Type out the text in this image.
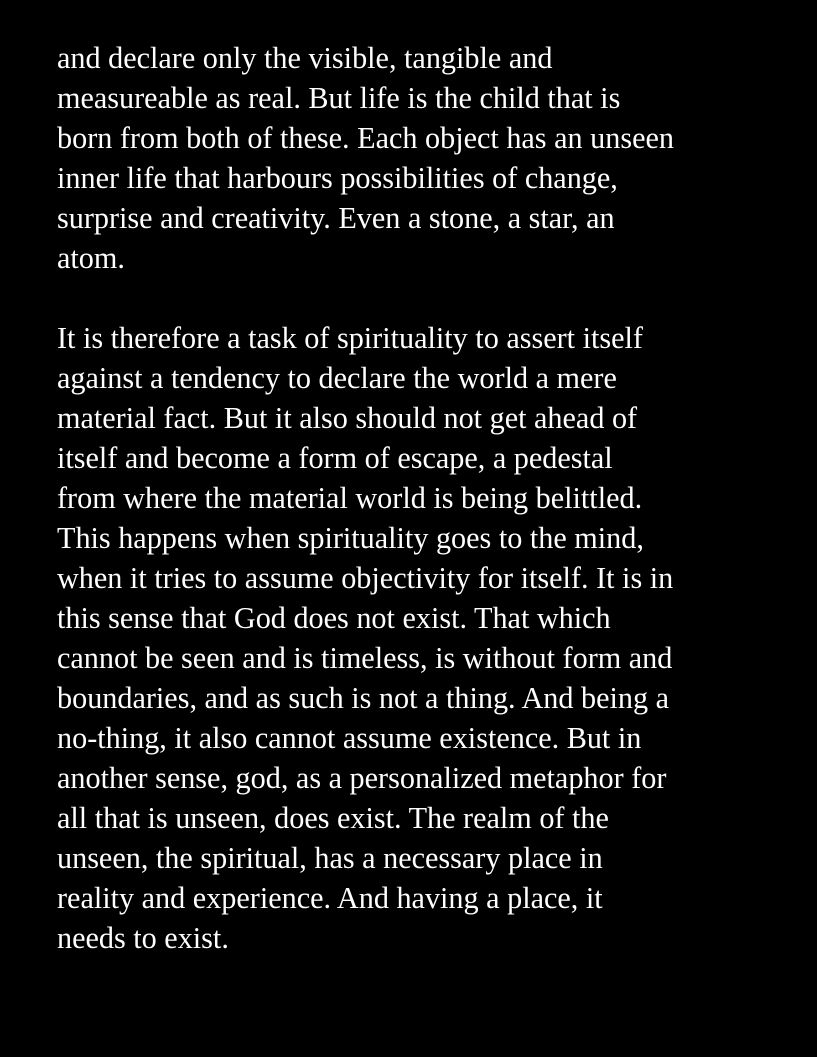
and declare only the visible, tangible and
measureable as real. But life is the child that is
born from both of these. Each object has an unseen
inner life that harbours possibilities of change,
surprise and creativity. Even a stone, a star, an
atom.

It is therefore a task of spirituality to assert itself
against a tendency to declare the world a mere
material fact. But it also should not get ahead of
itself and become a form of escape, a pedestal
from where the material world is being belittled.
This happens when spirituality goes to the mind,
when it tries to assume objectivity for itself. It is in
this sense that God does not exist. That which
cannot be seen and is timeless, is without form and
boundaries, and as such is not a thing. And being a
no-thing, it also cannot assume existence. But in
another sense, god, as a personalized metaphor for
all that is unseen, does exist. The realm of the
unseen, the spiritual, has a necessary place in
reality and experience. And having a place, it
needs to exist.
